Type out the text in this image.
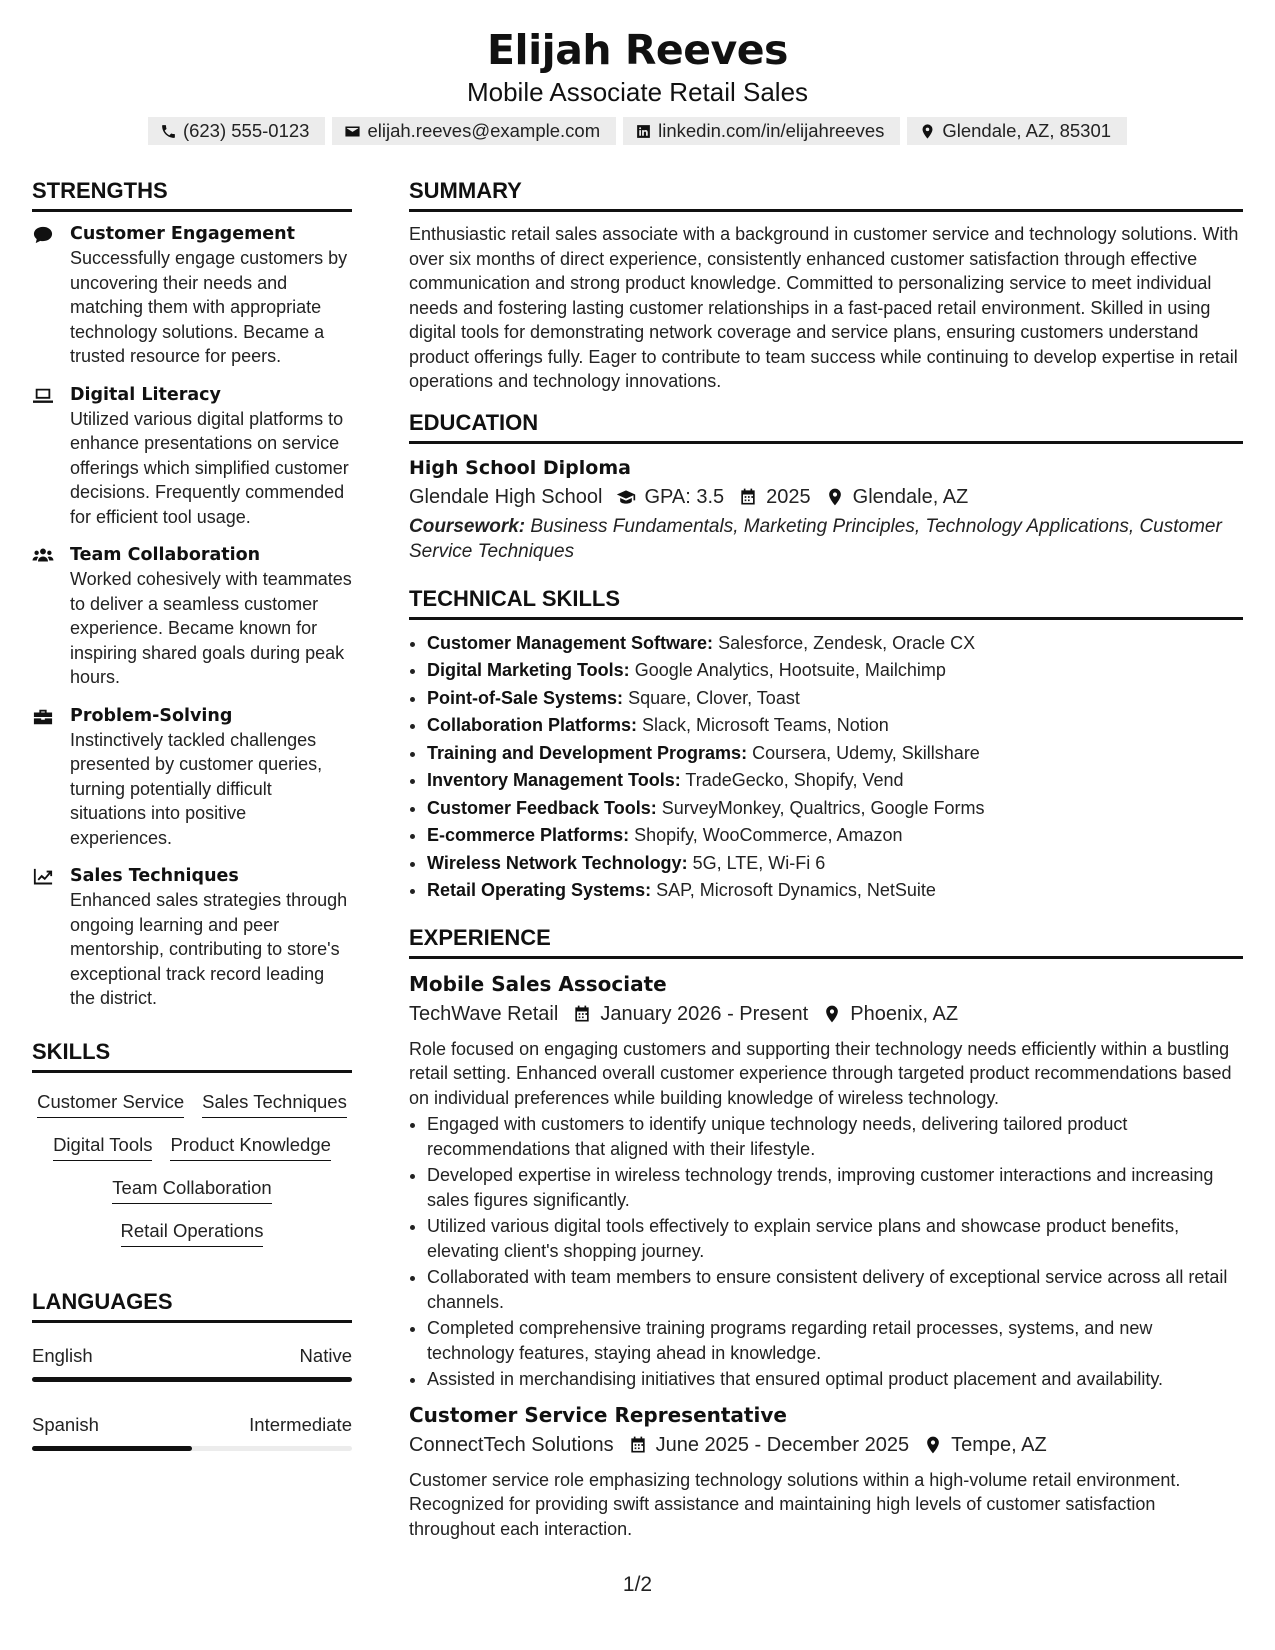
Elijah Reeves
Mobile Associate Retail Sales
(623) 555-0123	elijah.reeves@example.com	linkedin.com/in/elijahreeves	Glendale, AZ, 85301
STRENGTHS
Customer Engagement
Successfully engage customers by uncovering their needs and matching them with appropriate technology solutions. Became a trusted resource for peers.
Digital Literacy
Utilized various digital platforms to enhance presentations on service offerings which simplified customer decisions. Frequently commended for efficient tool usage.
Team Collaboration
Worked cohesively with teammates to deliver a seamless customer experience. Became known for inspiring shared goals during peak hours.
Problem-Solving
Instinctively tackled challenges presented by customer queries, turning potentially difficult situations into positive experiences.
Sales Techniques
Enhanced sales strategies through ongoing learning and peer mentorship, contributing to store's exceptional track record leading the district.
SKILLS
Customer Service Sales Techniques
Digital Tools Product Knowledge
Team Collaboration
Retail Operations
LANGUAGES
English	Native
Spanish	Intermediate
SUMMARY
Enthusiastic retail sales associate with a background in customer service and technology solutions. With over six months of direct experience, consistently enhanced customer satisfaction through effective communication and strong product knowledge. Committed to personalizing service to meet individual needs and fostering lasting customer relationships in a fast-paced retail environment. Skilled in using digital tools for demonstrating network coverage and service plans, ensuring customers understand product offerings fully. Eager to contribute to team success while continuing to develop expertise in retail operations and technology innovations.
EDUCATION
High School Diploma
Glendale High School GPA: 3.5 2025 Glendale, AZ
Coursework: Business Fundamentals, Marketing Principles, Technology Applications, Customer Service Techniques
TECHNICAL SKILLS
• Customer Management Software: Salesforce, Zendesk, Oracle CX
• Digital Marketing Tools: Google Analytics, Hootsuite, Mailchimp
• Point-of-Sale Systems: Square, Clover, Toast
• Collaboration Platforms: Slack, Microsoft Teams, Notion
• Training and Development Programs: Coursera, Udemy, Skillshare
• Inventory Management Tools: TradeGecko, Shopify, Vend
• Customer Feedback Tools: SurveyMonkey, Qualtrics, Google Forms
• E-commerce Platforms: Shopify, WooCommerce, Amazon
• Wireless Network Technology: 5G, LTE, Wi-Fi 6
• Retail Operating Systems: SAP, Microsoft Dynamics, NetSuite
EXPERIENCE
Mobile Sales Associate
TechWave Retail January 2026 - Present Phoenix, AZ
Role focused on engaging customers and supporting their technology needs efficiently within a bustling retail setting. Enhanced overall customer experience through targeted product recommendations based on individual preferences while building knowledge of wireless technology.
• Engaged with customers to identify unique technology needs, delivering tailored product recommendations that aligned with their lifestyle.
• Developed expertise in wireless technology trends, improving customer interactions and increasing sales figures significantly.
• Utilized various digital tools effectively to explain service plans and showcase product benefits, elevating client's shopping journey.
• Collaborated with team members to ensure consistent delivery of exceptional service across all retail channels.
• Completed comprehensive training programs regarding retail processes, systems, and new technology features, staying ahead in knowledge.
• Assisted in merchandising initiatives that ensured optimal product placement and availability.
Customer Service Representative
ConnectTech Solutions June 2025 - December 2025 Tempe, AZ
Customer service role emphasizing technology solutions within a high-volume retail environment. Recognized for providing swift assistance and maintaining high levels of customer satisfaction throughout each interaction.
1/2
